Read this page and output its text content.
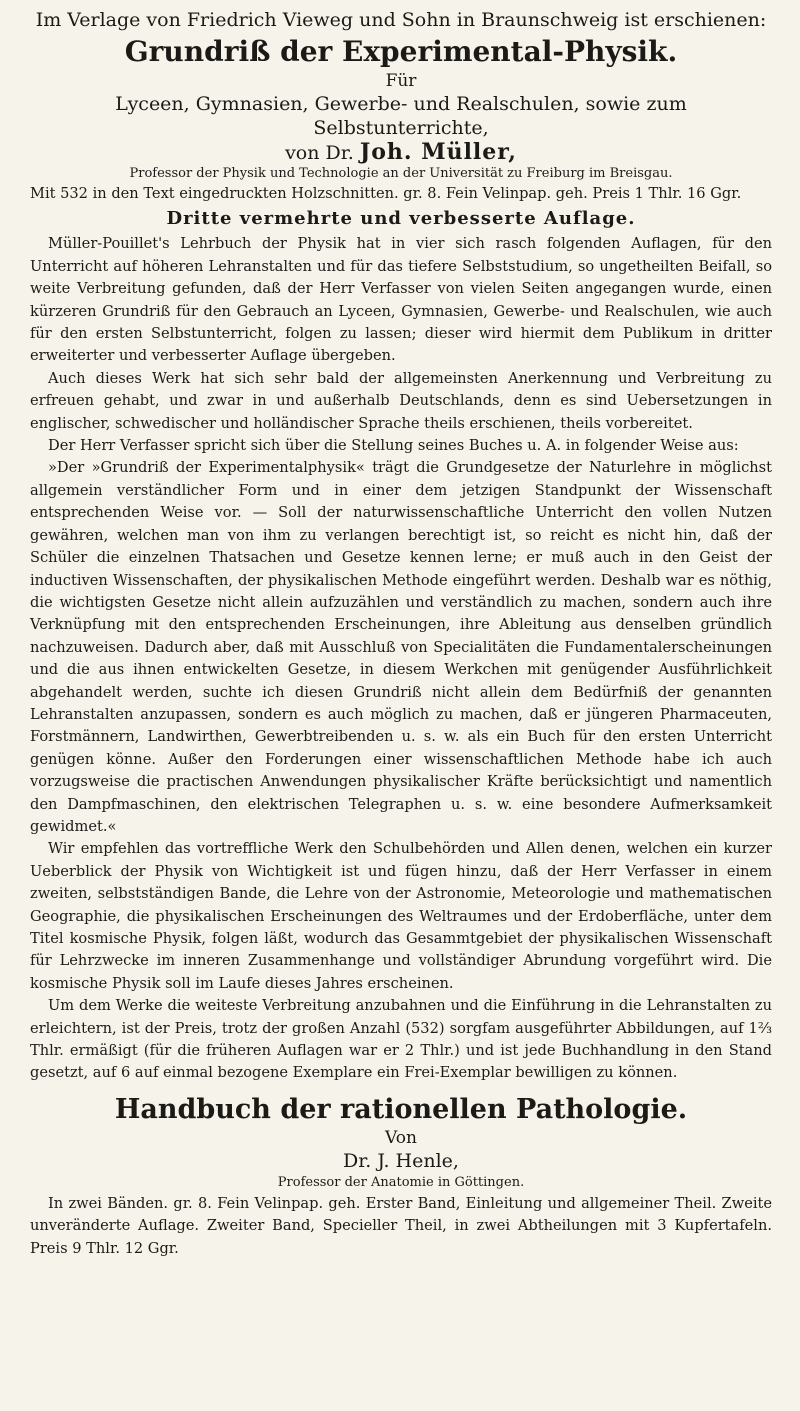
Im Verlage von Friedrich Vieweg und Sohn in Braunschweig ist erschienen:
Grundriß der Experimental-Physik.
Für
Lyceen, Gymnasien, Gewerbe- und Realschulen, sowie zum Selbstunterrichte,
von Dr. Joh. Müller,
Professor der Physik und Technologie an der Universität zu Freiburg im Breisgau.

Mit 532 in den Text eingedruckten Holzschnitten. gr. 8. Fein Velinpap. geh. Preis 1 Thlr. 16 Ggr.

Dritte vermehrte und verbesserte Auflage.

Müller-Pouillet's Lehrbuch der Physik hat in vier sich rasch folgenden Auflagen, für den Unterricht auf höheren Lehranstalten und für das tiefere Selbststudium, so ungetheilten Beifall, so weite Verbreitung gefunden, daß der Herr Verfasser von vielen Seiten angegangen wurde, einen kürzeren Grundriß für den Gebrauch an Lyceen, Gymnasien, Gewerbe- und Realschulen, wie auch für den ersten Selbstunterricht, folgen zu lassen; dieser wird hiermit dem Publikum in dritter erweiterter und verbesserter Auflage übergeben.

Auch dieses Werk hat sich sehr bald der allgemeinsten Anerkennung und Verbreitung zu erfreuen gehabt, und zwar in und außerhalb Deutschlands, denn es sind Uebersetzungen in englischer, schwedischer und holländischer Sprache theils erschienen, theils vorbereitet.

Der Herr Verfasser spricht sich über die Stellung seines Buches u. A. in folgender Weise aus:

»Der »Grundriß der Experimentalphysik« trägt die Grundgesetze der Naturlehre in möglichst allgemein verständlicher Form und in einer dem jetzigen Standpunkt der Wissenschaft entsprechenden Weise vor. — Soll der naturwissenschaftliche Unterricht den vollen Nutzen gewähren, welchen man von ihm zu verlangen berechtigt ist, so reicht es nicht hin, daß der Schüler die einzelnen Thatsachen und Gesetze kennen lerne; er muß auch in den Geist der inductiven Wissenschaften, der physikalischen Methode eingeführt werden. Deshalb war es nöthig, die wichtigsten Gesetze nicht allein aufzuzählen und verständlich zu machen, sondern auch ihre Verknüpfung mit den entsprechenden Erscheinungen, ihre Ableitung aus denselben gründlich nachzuweisen. Dadurch aber, daß mit Ausschluß von Specialitäten die Fundamentalerscheinungen und die aus ihnen entwickelten Gesetze, in diesem Werkchen mit genügender Ausführlichkeit abgehandelt werden, suchte ich diesen Grundriß nicht allein dem Bedürfniß der genannten Lehranstalten anzupassen, sondern es auch möglich zu machen, daß er jüngeren Pharmaceuten, Forstmännern, Landwirthen, Gewerbtreibenden u. s. w. als ein Buch für den ersten Unterricht genügen könne. Außer den Forderungen einer wissenschaftlichen Methode habe ich auch vorzugsweise die practischen Anwendungen physikalischer Kräfte berücksichtigt und namentlich den Dampfmaschinen, den elektrischen Telegraphen u. s. w. eine besondere Aufmerksamkeit gewidmet.«

Wir empfehlen das vortreffliche Werk den Schulbehörden und Allen denen, welchen ein kurzer Ueberblick der Physik von Wichtigkeit ist und fügen hinzu, daß der Herr Verfasser in einem zweiten, selbstständigen Bande, die Lehre von der Astronomie, Meteorologie und mathematischen Geographie, die physikalischen Erscheinungen des Weltraumes und der Erdoberfläche, unter dem Titel kosmische Physik, folgen läßt, wodurch das Gesammtgebiet der physikalischen Wissenschaft für Lehrzwecke im inneren Zusammenhange und vollständiger Abrundung vorgeführt wird. Die kosmische Physik soll im Laufe dieses Jahres erscheinen.

Um dem Werke die weiteste Verbreitung anzubahnen und die Einführung in die Lehranstalten zu erleichtern, ist der Preis, trotz der großen Anzahl (532) sorgfam ausgeführter Abbildungen, auf 1⅔ Thlr. ermäßigt (für die früheren Auflagen war er 2 Thlr.) und ist jede Buchhandlung in den Stand gesetzt, auf 6 auf einmal bezogene Exemplare ein Frei-Exemplar bewilligen zu können.

Handbuch der rationellen Pathologie.
Von
Dr. J. Henle,
Professor der Anatomie in Göttingen.

In zwei Bänden. gr. 8. Fein Velinpap. geh. Erster Band, Einleitung und allgemeiner Theil. Zweite unveränderte Auflage. Zweiter Band, Specieller Theil, in zwei Abtheilungen mit 3 Kupfertafeln. Preis 9 Thlr. 12 Ggr.
